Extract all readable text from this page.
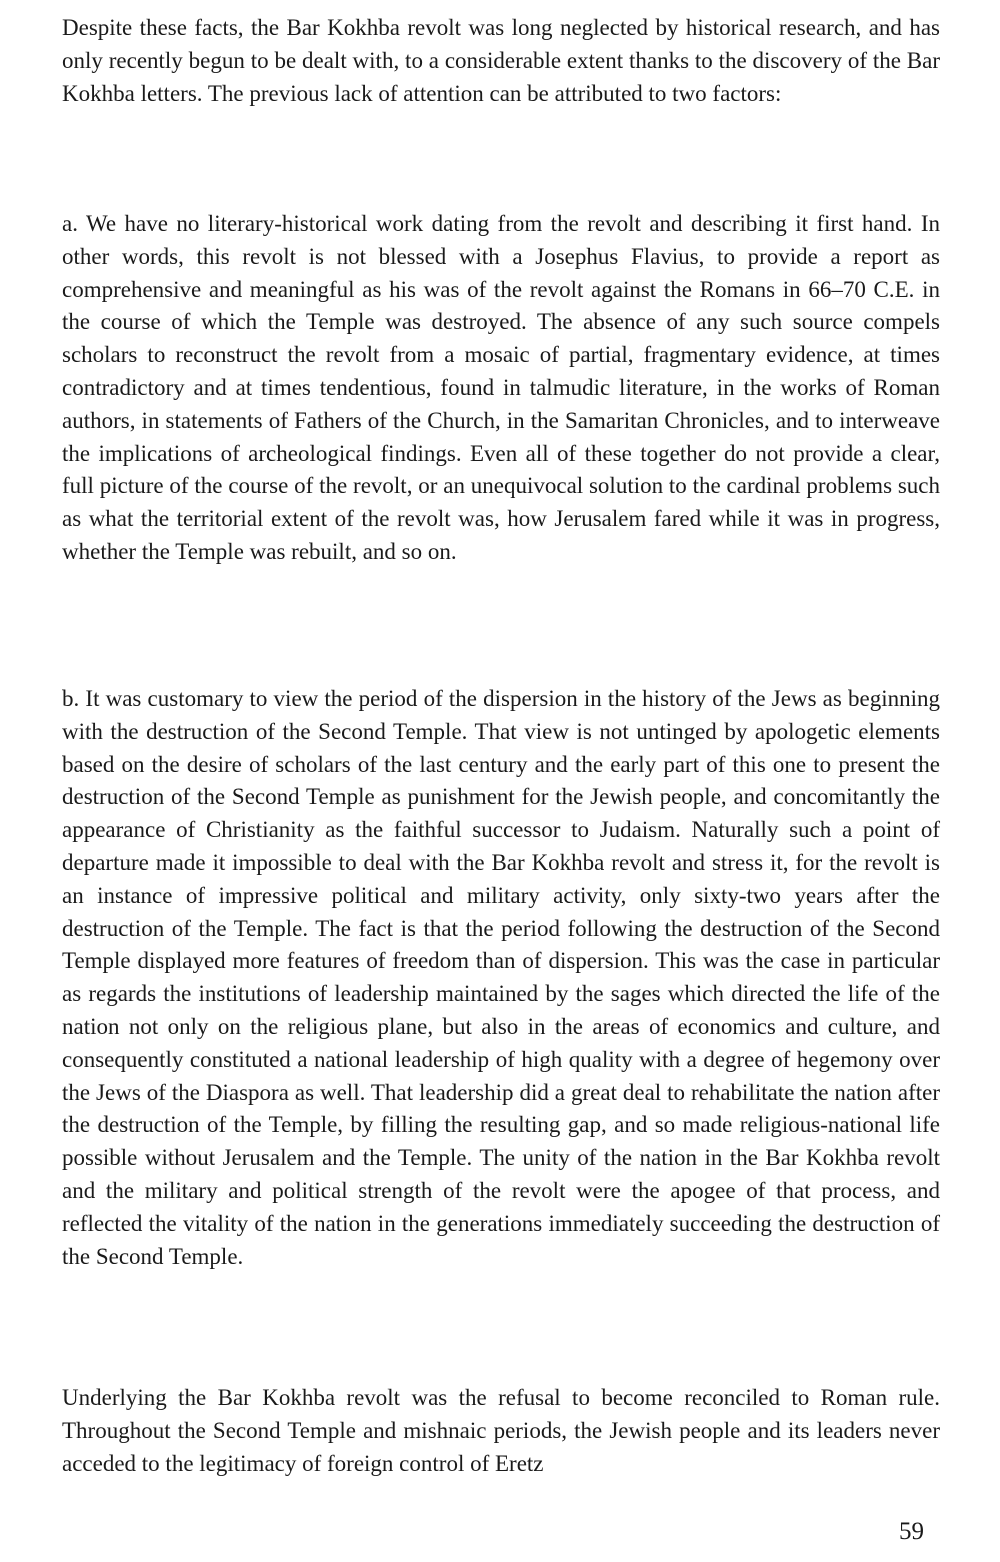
Despite these facts, the Bar Kokhba revolt was long neglected by historical research, and has only recently begun to be dealt with, to a considerable extent thanks to the discovery of the Bar Kokhba letters. The previous lack of attention can be attributed to two factors:

a. We have no literary-historical work dating from the revolt and describing it first hand. In other words, this revolt is not blessed with a Josephus Flavius, to provide a report as comprehensive and meaningful as his was of the revolt against the Romans in 66–70 C.E. in the course of which the Temple was destroyed. The absence of any such source compels scholars to reconstruct the revolt from a mosaic of partial, fragmentary evidence, at times contradictory and at times tendentious, found in talmudic literature, in the works of Roman authors, in statements of Fathers of the Church, in the Samaritan Chronicles, and to interweave the implications of archeological findings. Even all of these together do not provide a clear, full picture of the course of the revolt, or an unequivocal solution to the cardinal problems such as what the territorial extent of the revolt was, how Jerusalem fared while it was in progress, whether the Temple was rebuilt, and so on.

b. It was customary to view the period of the dispersion in the history of the Jews as beginning with the destruction of the Second Temple. That view is not untinged by apologetic elements based on the desire of scholars of the last century and the early part of this one to present the destruction of the Second Temple as punishment for the Jewish people, and concomitantly the appearance of Christianity as the faithful successor to Judaism. Naturally such a point of departure made it impossible to deal with the Bar Kokhba revolt and stress it, for the revolt is an instance of impressive political and military activity, only sixty-two years after the destruction of the Temple. The fact is that the period following the destruction of the Second Temple displayed more features of freedom than of dispersion. This was the case in particular as regards the institutions of leadership maintained by the sages which directed the life of the nation not only on the religious plane, but also in the areas of economics and culture, and consequently constituted a national leadership of high quality with a degree of hegemony over the Jews of the Diaspora as well. That leadership did a great deal to rehabilitate the nation after the destruction of the Temple, by filling the resulting gap, and so made religious-national life possible without Jerusalem and the Temple. The unity of the nation in the Bar Kokhba revolt and the military and political strength of the revolt were the apogee of that process, and reflected the vitality of the nation in the generations immediately succeeding the destruction of the Second Temple.

Underlying the Bar Kokhba revolt was the refusal to become reconciled to Roman rule. Throughout the Second Temple and mishnaic periods, the Jewish people and its leaders never acceded to the legitimacy of foreign control of Eretz

59
